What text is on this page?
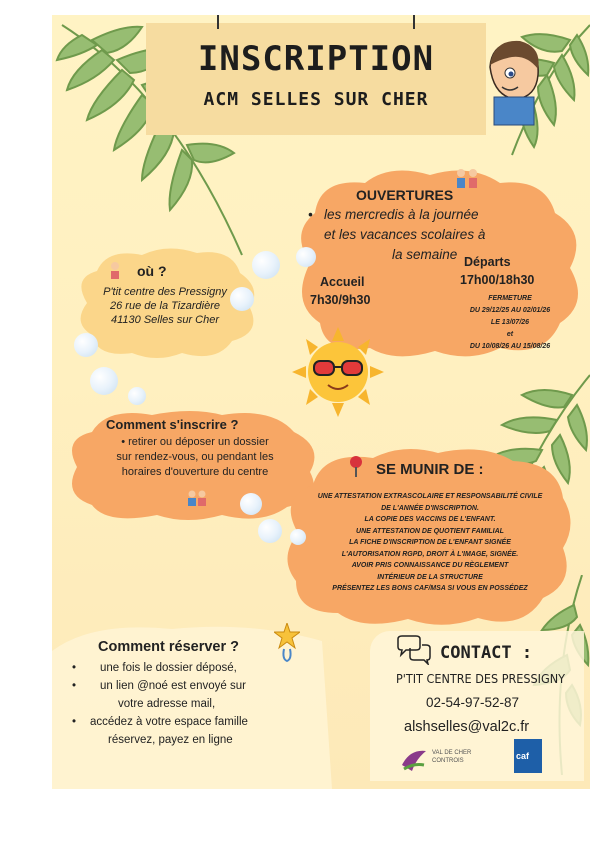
INSCRIPTION
ACM SELLES SUR CHER
OUVERTURES
•   les mercredis à la journée
et les vacances scolaires à
la semaine
Accueil
7h30/9h30
Départs
17h00/18h30
FERMETURE
DU 29/12/25 AU 02/01/26
LE 13/07/26
et
DU 10/08/26 AU 15/08/26
où ?
P'tit centre des Pressigny
26 rue de la Tizardière
41130 Selles sur Cher
Comment s'inscrire ?
• retirer ou déposer un dossier
sur rendez-vous, ou pendant les
horaires d'ouverture du centre	SE MUNIR DE :
UNE ATTESTATION EXTRASCOLAIRE ET RESPONSABILITÉ CIVILE
DE L'ANNÉE D'INSCRIPTION.
LA COPIE DES VACCINS DE L'ENFANT.
UNE ATTESTATION DE QUOTIENT FAMILIAL
LA FICHE D'INSCRIPTION DE L'ENFANT SIGNÉE
L'AUTORISATION RGPD, DROIT À L'IMAGE, SIGNÉE.
AVOIR PRIS CONNAISSANCE DU RÈGLEMENT
INTÉRIEUR DE LA STRUCTURE
PRÉSENTEZ LES BONS CAF/MSA SI VOUS EN POSSÉDEZ
Comment réserver ?
• une fois le dossier déposé,
• un lien @noé est envoyé sur
votre adresse mail,

• accédez à votre espace famille
réservez, payez en ligne

CONTACT :
P'TIT CENTRE DES PRESSIGNY
02-54-97-52-87
alshselles@val2c.fr
VAL DE CHER
CONTROIS	caf
